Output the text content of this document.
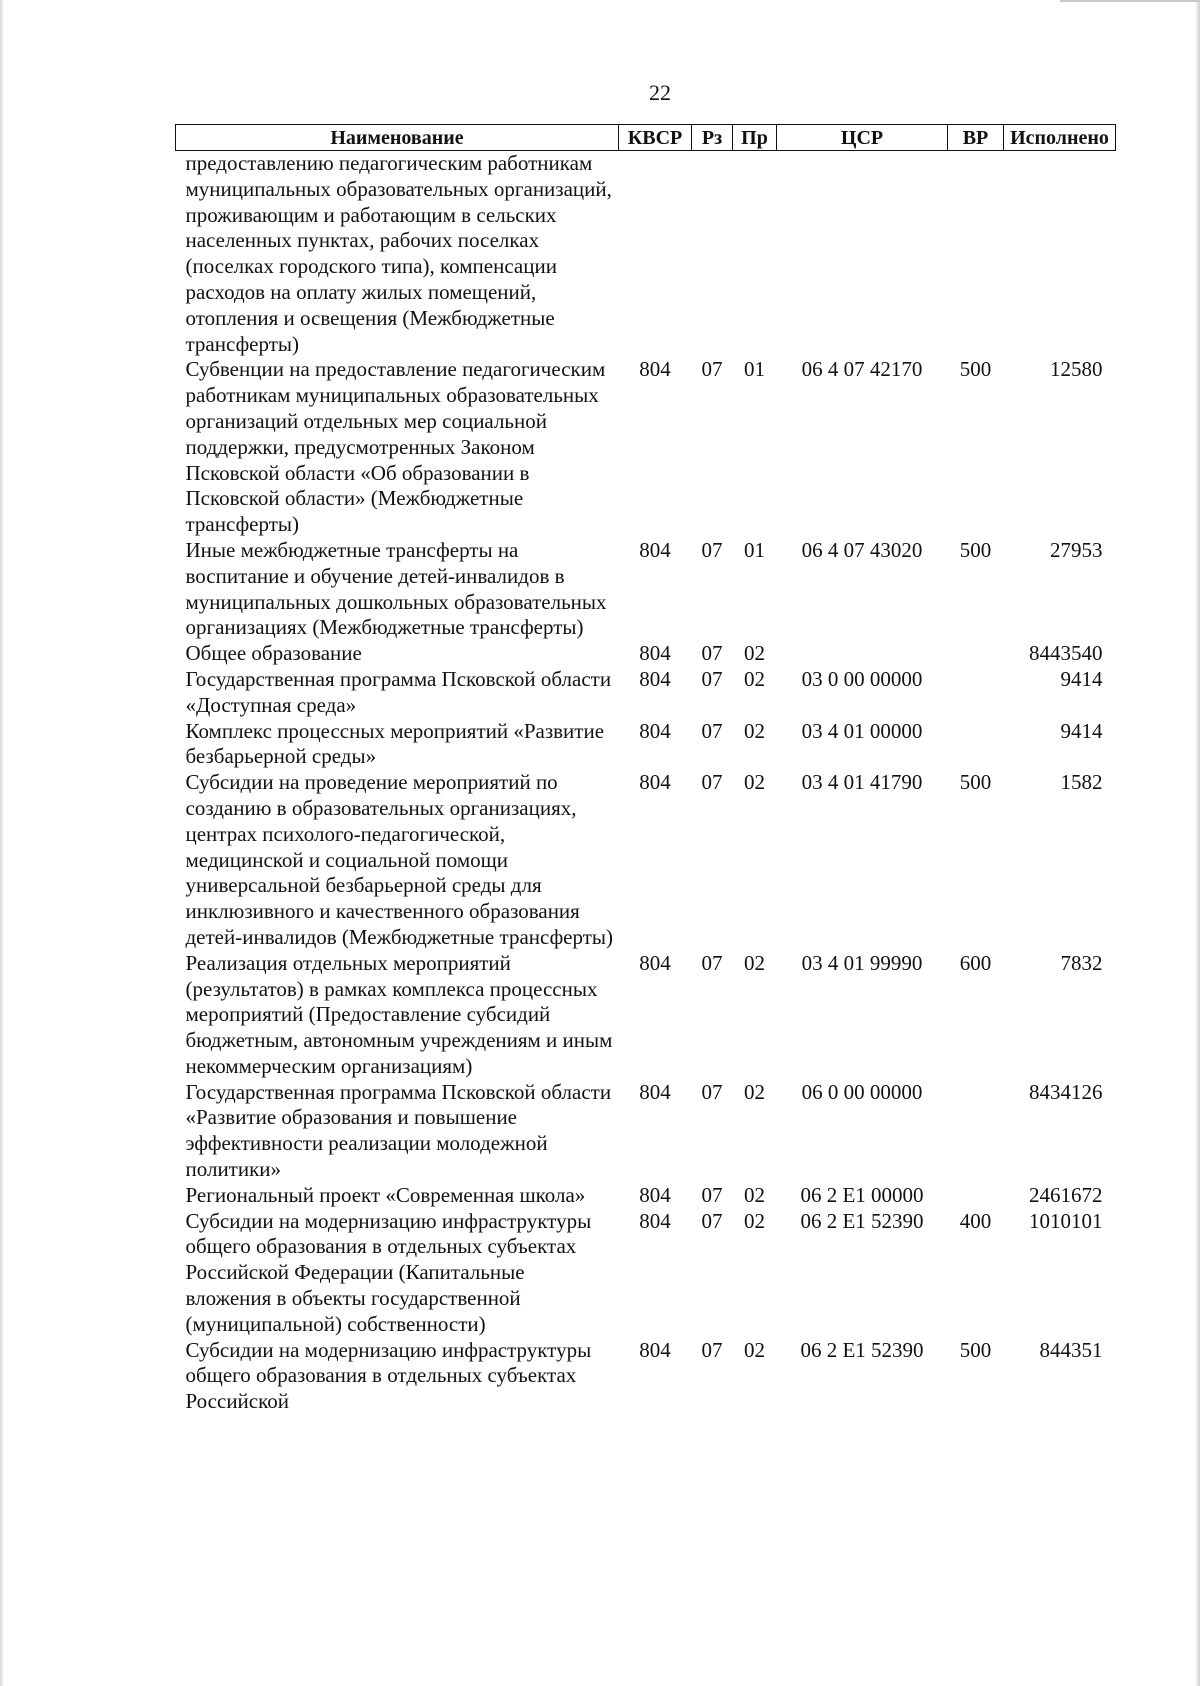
22
Наименование	КВСР	Рз	Пр	ЦСР	ВР	Исполнено
предоставлению педагогическим работникам муниципальных образовательных организаций, проживающим и работающим в сельских населенных пунктах, рабочих поселках (поселках городского типа), компенсации расходов на оплату жилых помещений, отопления и освещения (Межбюджетные трансферты)						
Субвенции на предоставление педагогическим работникам муниципальных образовательных организаций отдельных мер социальной поддержки, предусмотренных Законом Псковской области «Об образовании в Псковской области» (Межбюджетные трансферты)	804	07	01	06 4 07 42170	500	12580
Иные межбюджетные трансферты на воспитание и обучение детей-инвалидов в муниципальных дошкольных образовательных организациях (Межбюджетные трансферты)	804	07	01	06 4 07 43020	500	27953
Общее образование	804	07	02			8443540
Государственная программа Псковской области «Доступная среда»	804	07	02	03 0 00 00000		9414
Комплекс процессных мероприятий «Развитие безбарьерной среды»	804	07	02	03 4 01 00000		9414
Субсидии на проведение мероприятий по созданию в образовательных организациях, центрах психолого-педагогической, медицинской и социальной помощи универсальной безбарьерной среды для инклюзивного и качественного образования детей-инвалидов (Межбюджетные трансферты)	804	07	02	03 4 01 41790	500	1582
Реализация отдельных мероприятий (результатов) в рамках комплекса процессных мероприятий (Предоставление субсидий бюджетным, автономным учреждениям и иным некоммерческим организациям)	804	07	02	03 4 01 99990	600	7832
Государственная программа Псковской области «Развитие образования и повышение эффективности реализации молодежной политики»	804	07	02	06 0 00 00000		8434126
Региональный проект «Современная школа»	804	07	02	06 2 E1 00000		2461672
Субсидии на модернизацию инфраструктуры общего образования в отдельных субъектах Российской Федерации (Капитальные вложения в объекты государственной (муниципальной) собственности)	804	07	02	06 2 E1 52390	400	1010101
Субсидии на модернизацию инфраструктуры общего образования в отдельных субъектах Российской	804	07	02	06 2 E1 52390	500	844351
